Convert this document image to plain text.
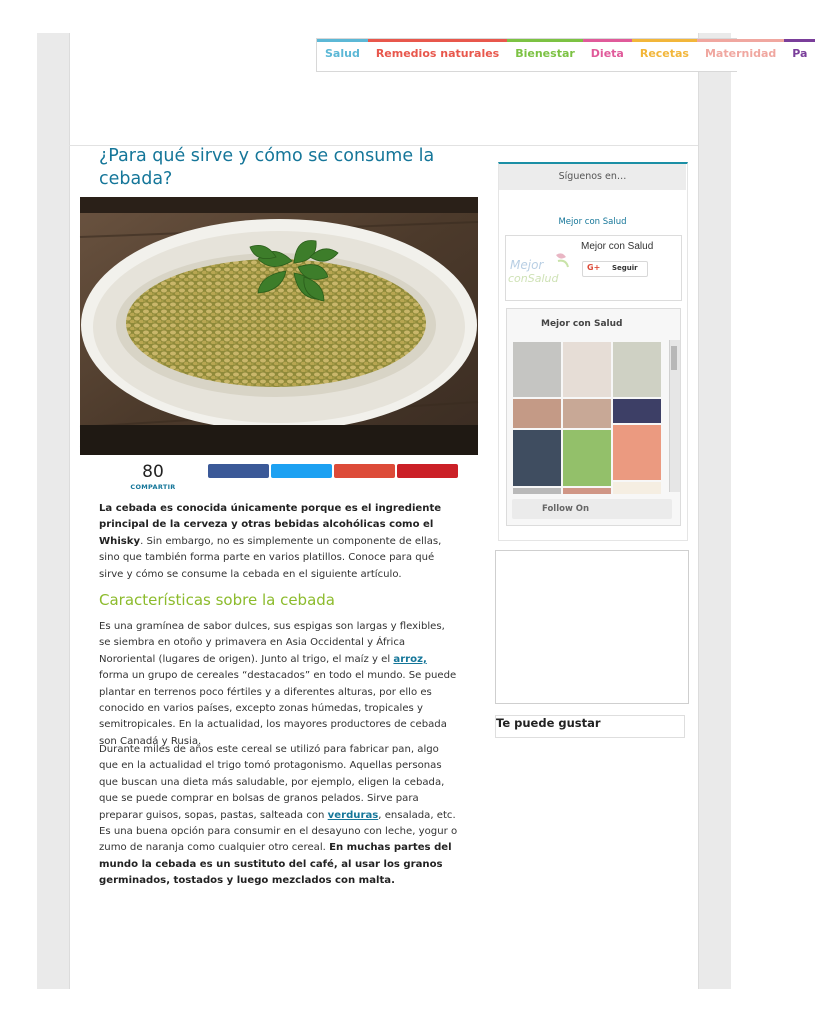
Salud	Remedios naturales	Bienestar	Dieta	Recetas	Maternidad	Pa
¿Para qué sirve y cómo se consume la cebada?
80
COMPARTIR

La cebada es conocida únicamente porque es el ingrediente principal de la cerveza y otras bebidas alcohólicas como el Whisky. Sin embargo, no es simplemente un componente de ellas, sino que también forma parte en varios platillos. Conoce para qué sirve y cómo se consume la cebada en el siguiente artículo.

Características sobre la cebada

Es una gramínea de sabor dulces, sus espigas son largas y flexibles, se siembra en otoño y primavera en Asia Occidental y África Nororiental (lugares de origen). Junto al trigo, el maíz y el arroz, forma un grupo de cereales “destacados” en todo el mundo. Se puede plantar en terrenos poco fértiles y a diferentes alturas, por ello es conocido en varios países, excepto zonas húmedas, tropicales y semitropicales. En la actualidad, los mayores productores de cebada son Canadá y Rusia.

Durante miles de años este cereal se utilizó para fabricar pan, algo que en la actualidad el trigo tomó protagonismo. Aquellas personas que buscan una dieta más saludable, por ejemplo, eligen la cebada, que se puede comprar en bolsas de granos pelados. Sirve para preparar guisos, sopas, pastas, salteada con verduras, ensalada, etc. Es una buena opción para consumir en el desayuno con leche, yogur o zumo de naranja como cualquier otro cereal. En muchas partes del mundo la cebada es un sustituto del café, al usar los granos germinados, tostados y luego mezclados con malta.

Síguenos en…
Mejor con Salud
Mejor
conSalud
Mejor con Salud
G+ Seguir
Mejor con Salud
Follow On
Te puede gustar
